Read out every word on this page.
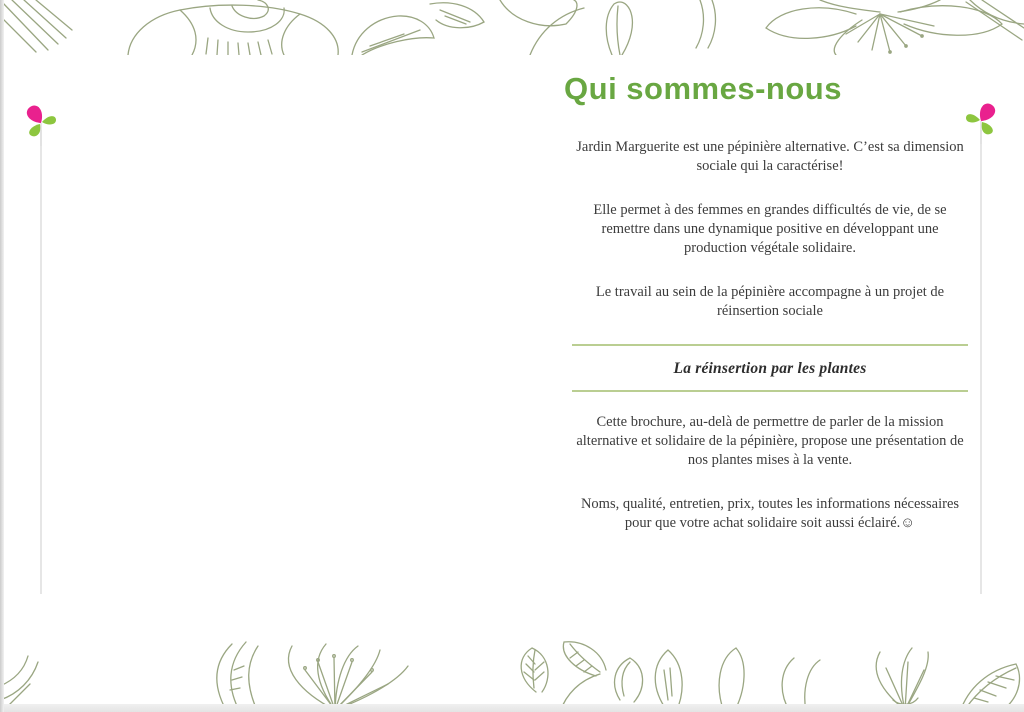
Qui sommes-nous

Jardin Marguerite est une pépinière alternative. C’est sa dimension sociale qui la caractérise!

Elle permet à des femmes en grandes difficultés de vie, de se remettre dans une dynamique positive en développant une production végétale solidaire.

Le travail au sein de la pépinière accompagne à un projet de réinsertion sociale

La réinsertion par les plantes

Cette brochure, au-delà de permettre de parler de la mission alternative et solidaire de la pépinière, propose une présentation de nos plantes mises à la vente.

Noms, qualité, entretien, prix, toutes les informations nécessaires pour que votre achat solidaire soit aussi éclairé.☺
